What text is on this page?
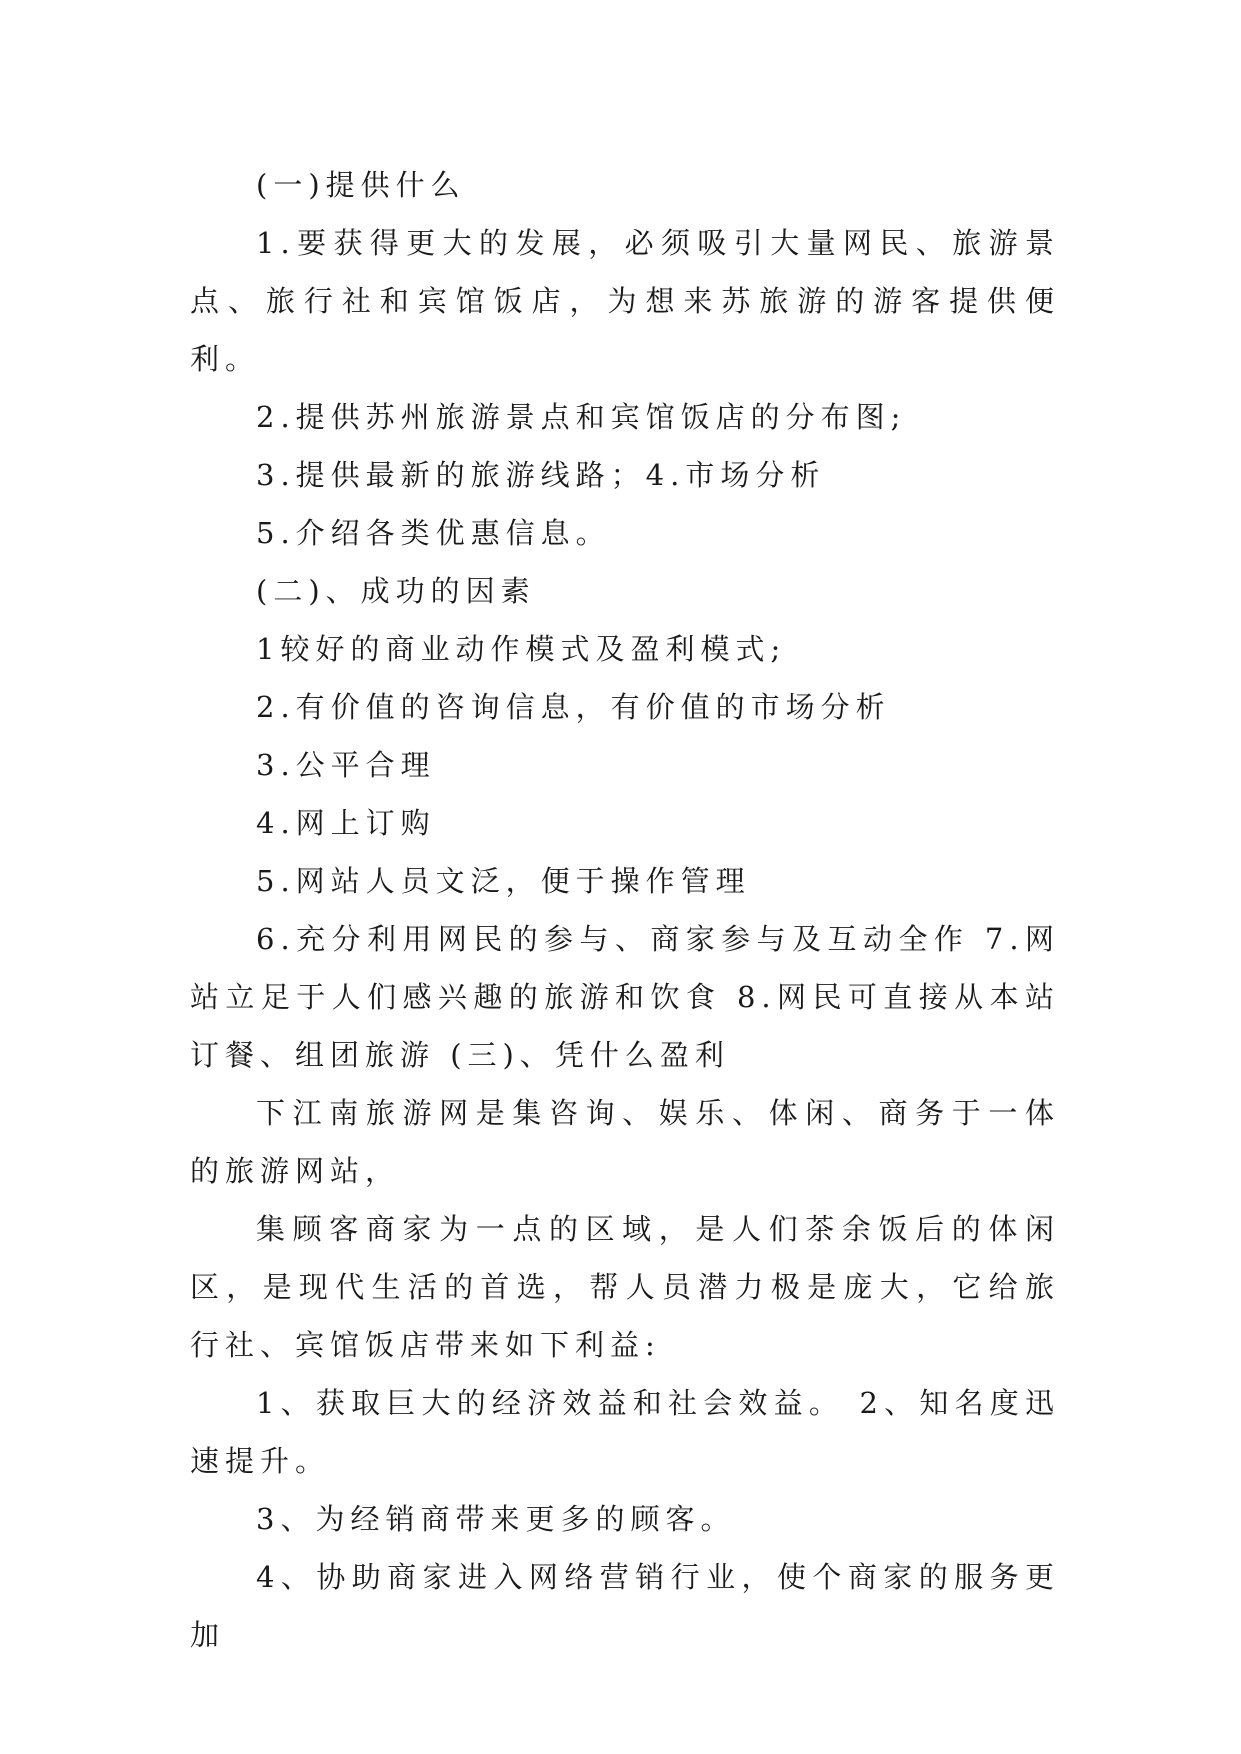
(一)提供什么

1.要获得更大的发展，必须吸引大量网民、旅游景点、旅行社和宾馆饭店，为想来苏旅游的游客提供便利。

2.提供苏州旅游景点和宾馆饭店的分布图;

3.提供最新的旅游线路；4.市场分析

5.介绍各类优惠信息。

(二)、成功的因素

1较好的商业动作模式及盈利模式;

2.有价值的咨询信息，有价值的市场分析

3.公平合理

4.网上订购

5.网站人员文泛，便于操作管理

6.充分利用网民的参与、商家参与及互动全作 7.网站立足于人们感兴趣的旅游和饮食 8.网民可直接从本站订餐、组团旅游 (三)、凭什么盈利

下江南旅游网是集咨询、娱乐、体闲、商务于一体的旅游网站，

集顾客商家为一点的区域，是人们茶余饭后的体闲区，是现代生活的首选，帮人员潜力极是庞大，它给旅行社、宾馆饭店带来如下利益:

1、获取巨大的经济效益和社会效益。 2、知名度迅速提升。

3、为经销商带来更多的顾客。

4、协助商家进入网络营销行业，使个商家的服务更加
